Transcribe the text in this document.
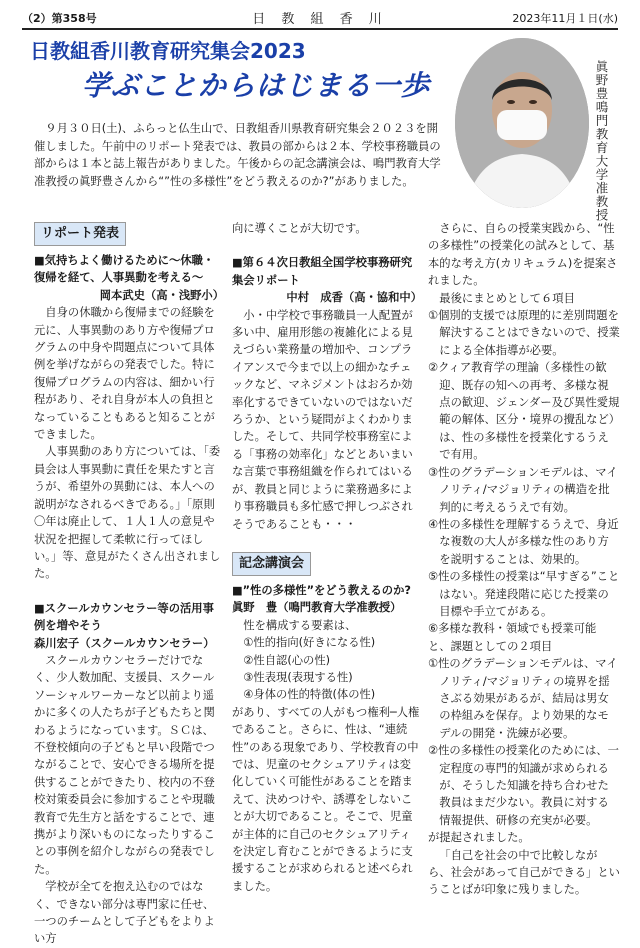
（2）第358号	日 教 組 香 川	2023年11月１日(水)
日教組香川教育研究集会2023
学ぶことからはじまる一歩

９月３０日(土)、ふらっと仏生山で、日教組香川県教育研究集会２０２３を開催しました。午前中のリポート発表では、教員の部からは２本、学校事務職員の部からは１本と誌上報告がありました。午後からの記念講演会は、鳴門教育大学准教授の眞野豊さんから“”性の多様性”をどう教えるのか?”がありました。	眞野豊鳴門教育大学准教授
リポート発表

■気持ちよく働けるために～休職・復帰を経て、人事異動を考える～

岡本武史（高・浅野小）

自身の休職から復帰までの経験を元に、人事異動のあり方や復帰プログラムの中身や問題点について具体例を挙げながらの発表でした。特に復帰プログラムの内容は、細かい行程があり、それ自身が本人の負担となっていることもあると知ることができました。

人事異動のあり方については、「委員会は人事異動に責任を果たすと言うが、希望外の異動には、本人への説明がなされるべきである。」「原則〇年は廃止して、１人１人の意見や状況を把握して柔軟に行ってほしい。」等、意見がたくさん出されました。

■スクールカウンセラー等の活用事例を増やそう

森川宏子（スクールカウンセラー）

スクールカウンセラーだけでなく、少人数加配、支援員、スクールソーシャルワーカーなど以前より遥かに多くの人たちが子どもたちと関わるようになっています。ＳＣは、不登校傾向の子どもと早い段階でつながることで、安心できる場所を提供することができたり、校内の不登校対策委員会に参加することや現職教育で先生方と話をすることで、連携がより深いものになったりすることの事例を紹介しながらの発表でした。

学校が全てを抱え込むのではなく、できない部分は専門家に任せ、一つのチームとして子どもをよりよい方

向に導くことが大切です。

■第６４次日教組全国学校事務研究集会リポート

中村　成香（高・協和中）

小・中学校で事務職員一人配置が多い中、雇用形態の複雑化による見えづらい業務量の増加や、コンプライアンスで今まで以上の細かなチェックなど、マネジメントはおろか効率化するできていないのではないだろうか、という疑問がよくわかりました。そして、共同学校事務室による「事務の効率化」などとあいまいな言葉で事務組織を作られてはいるが、教員と同じように業務過多により事務職員も多忙感で押しつぶされそうであることも・・・

記念講演会

■”性の多様性”をどう教えるのか?

眞野　豊（鳴門教育大学准教授）

性を構成する要素は、

①性的指向(好きになる性)

②性自認(心の性)

③性表現(表現する性)

④身体の性的特徴(体の性)

があり、すべての人がもつ権利─人権であること。さらに、性は、“連続性”のある現象であり、学校教育の中では、児童のセクシュアリティは変化していく可能性があることを踏まえて、決めつけや、誘導をしないことが大切であること。そこで、児童が主体的に自己のセクシュアリティを決定し育むことができるように支援することが求められると述べられました。

さらに、自らの授業実践から、“性の多様性”の授業化の試みとして、基本的な考え方(カリキュラム)を提案されました。

最後にまとめとして６項目

①個別的支援では原理的に差別問題を解決することはできないので、授業による全体指導が必要。

②クィア教育学の理論（多様性の歓迎、既存の知への再考、多様な視点の歓迎、ジェンダー及び異性愛規範の解体、区分・境界の攪乱など）は、性の多様性を授業化するうえで有用。

③性のグラデーションモデルは、マイノリティ/マジョリティの構造を批判的に考えるうえで有効。

④性の多様性を理解するうえで、身近な複数の大人が多様な性のあり方を説明することは、効果的。

⑤性の多様性の授業は“早すぎる”ことはない。発達段階に応じた授業の目標や手立てがある。

⑥多様な教科・領域でも授業可能

と、課題としての２項目

①性のグラデーションモデルは、マイノリティ/マジョリティの境界を揺さぶる効果があるが、結局は男女の枠組みを保存。より効果的なモデルの開発・洗練が必要。

②性の多様性の授業化のためには、一定程度の専門的知識が求められるが、そうした知識を持ち合わせた教員はまだ少ない。教員に対する情報提供、研修の充実が必要。

が提起されました。

「自己を社会の中で比較しながら、社会があって自己ができる」ということばが印象に残りました。
